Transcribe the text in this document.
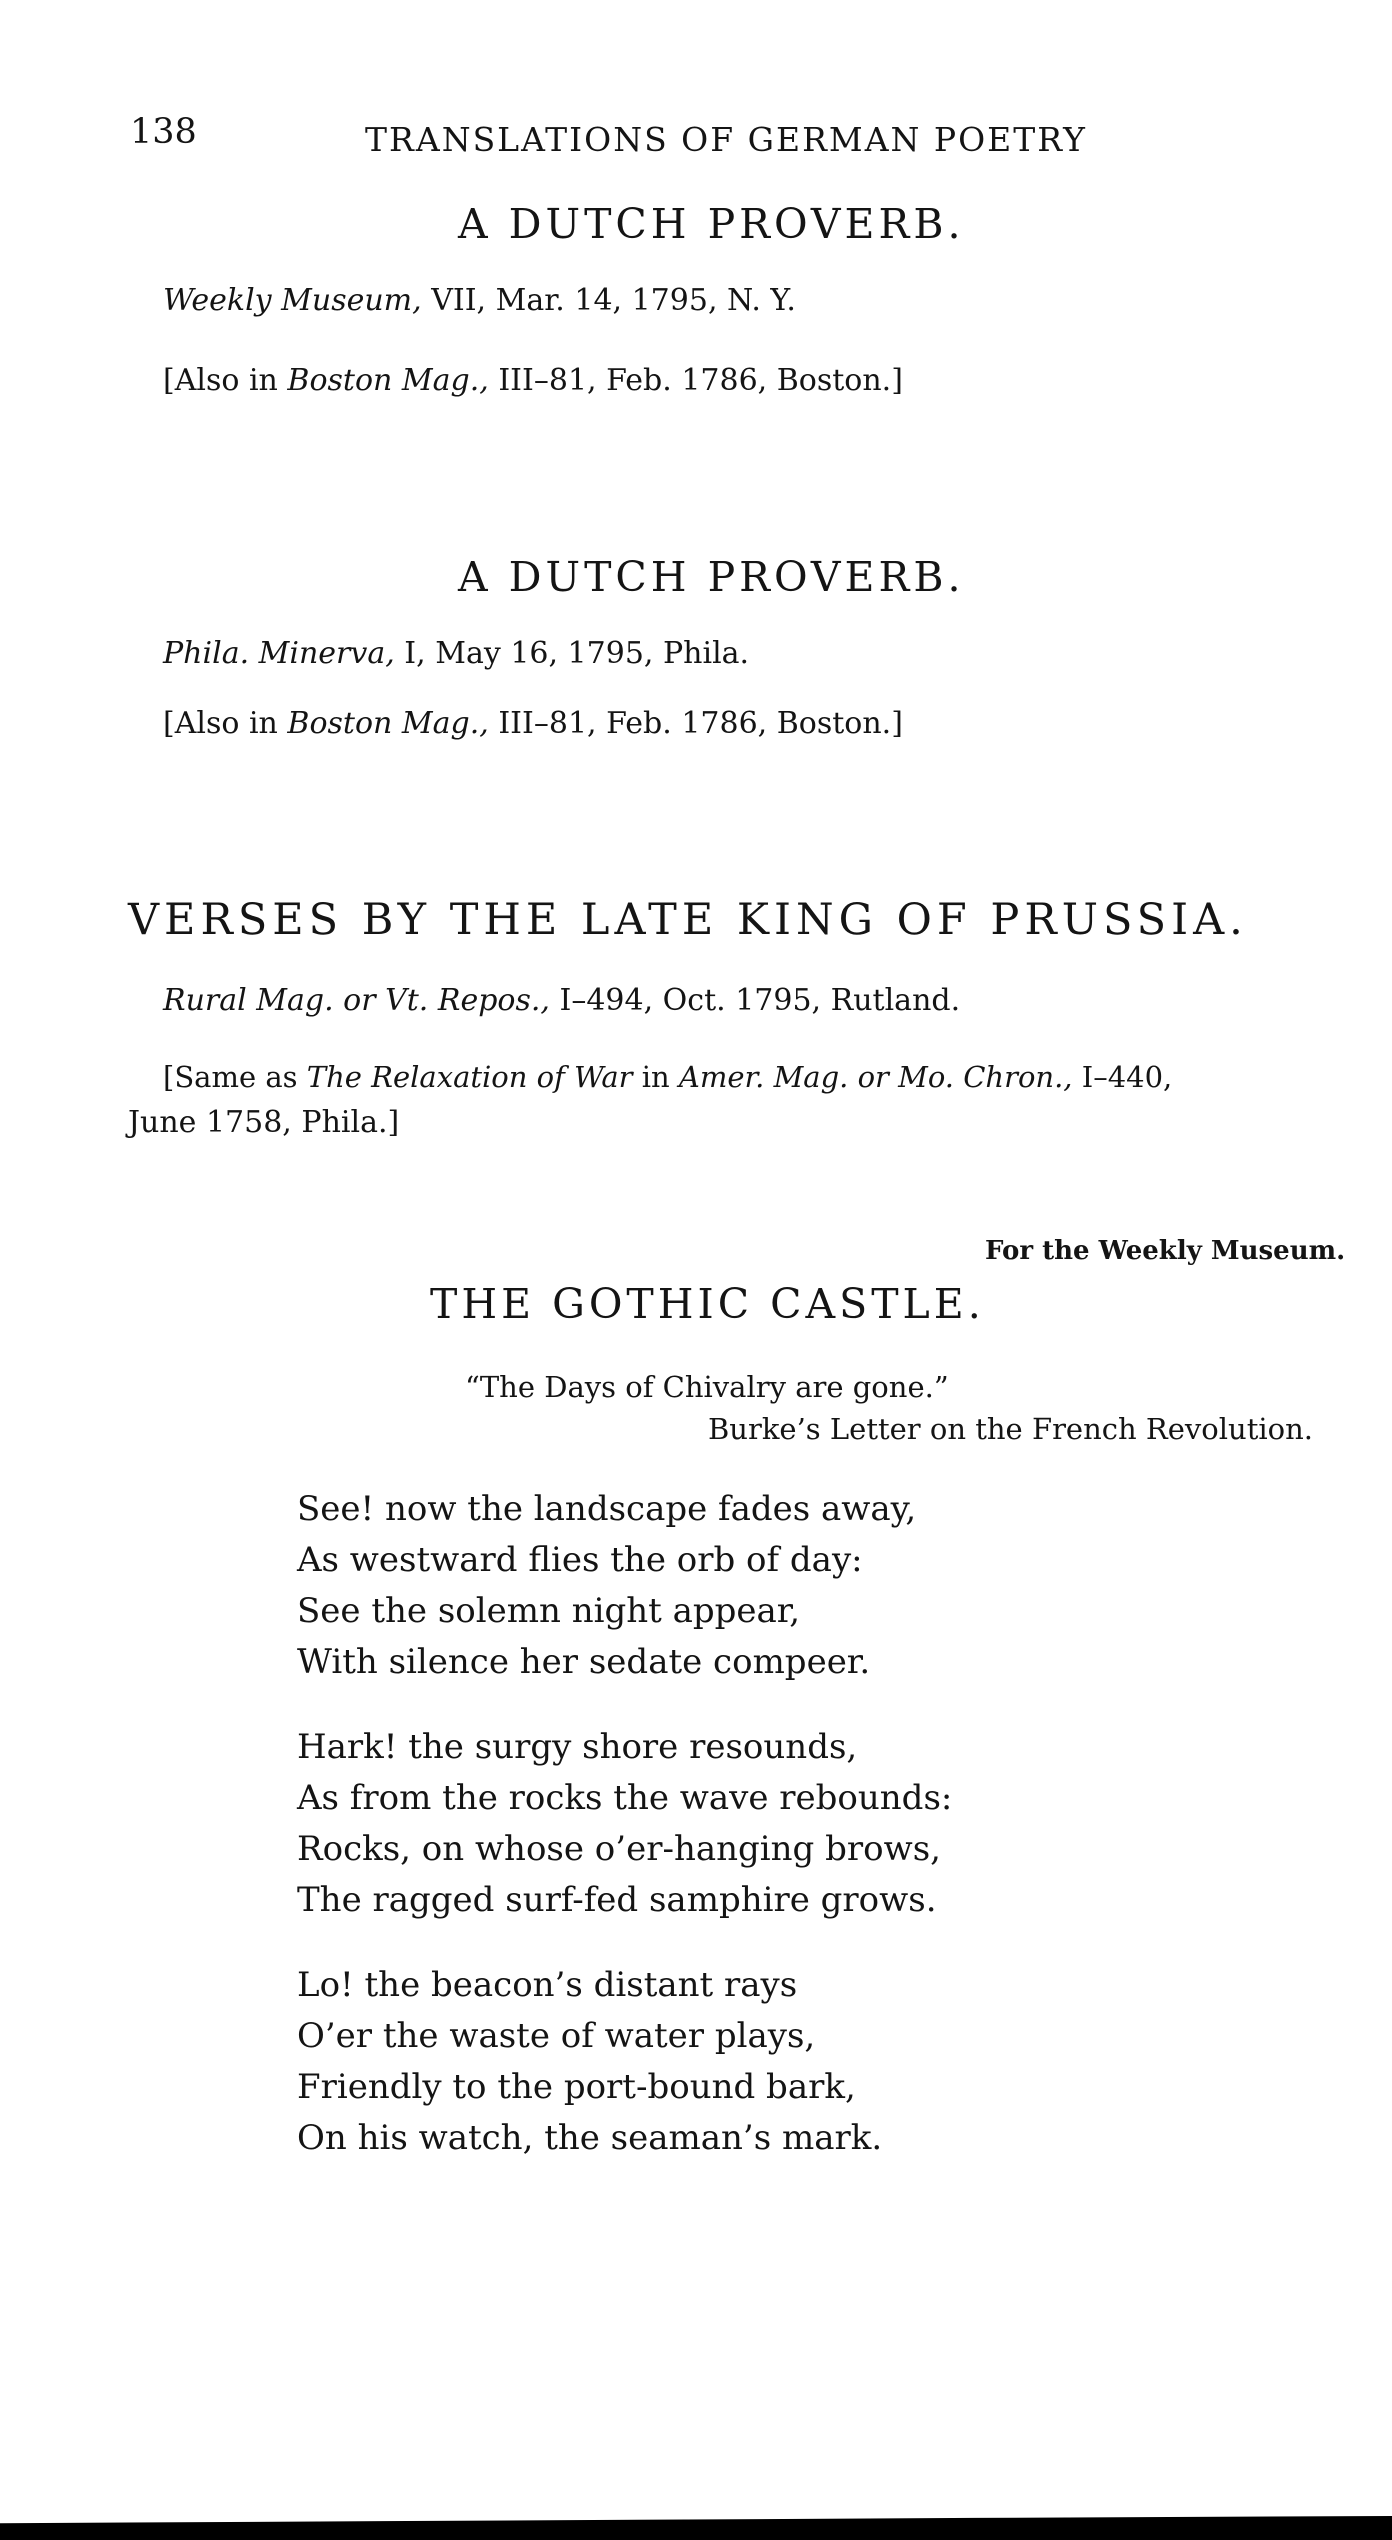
138	TRANSLATIONS OF GERMAN POETRY
A DUTCH PROVERB.
Weekly Museum, VII, Mar. 14, 1795, N. Y.
[Also in Boston Mag., III–81, Feb. 1786, Boston.]
A DUTCH PROVERB.
Phila. Minerva, I, May 16, 1795, Phila.
[Also in Boston Mag., III–81, Feb. 1786, Boston.]
VERSES BY THE LATE KING OF PRUSSIA.
Rural Mag. or Vt. Repos., I–494, Oct. 1795, Rutland.
[Same as The Relaxation of War in Amer. Mag. or Mo. Chron., I–440,
June 1758, Phila.]
For the Weekly Museum.
THE GOTHIC CASTLE.
“The Days of Chivalry are gone.”
Burke’s Letter on the French Revolution.
See! now the landscape fades away,
As westward flies the orb of day:
See the solemn night appear,
With silence her sedate compeer.
Hark! the surgy shore resounds,
As from the rocks the wave rebounds:
Rocks, on whose o’er-hanging brows,
The ragged surf-fed samphire grows.
Lo! the beacon’s distant rays
O’er the waste of water plays,
Friendly to the port-bound bark,
On his watch, the seaman’s mark.
